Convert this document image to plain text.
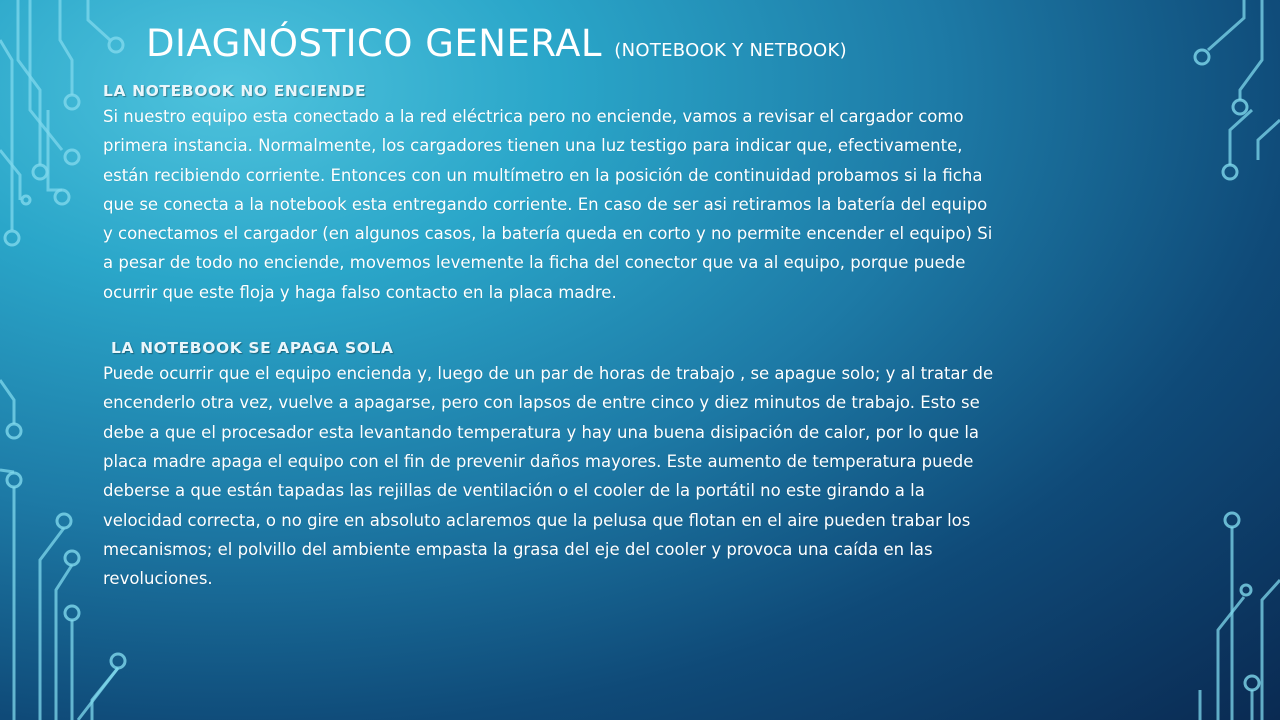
DIAGNÓSTICO GENERAL (NOTEBOOK Y NETBOOK)
LA NOTEBOOK NO ENCIENDE

Si nuestro equipo esta conectado a la red eléctrica pero no enciende, vamos a revisar el cargador como primera instancia. Normalmente, los cargadores tienen una luz testigo para indicar que, efectivamente, están recibiendo corriente. Entonces con un multímetro en la posición de continuidad probamos si la ficha que se conecta a la notebook esta entregando corriente. En caso de ser asi retiramos la batería del equipo y conectamos el cargador (en algunos casos, la batería queda en corto y no permite encender el equipo) Si a pesar de todo no enciende, movemos levemente la ficha del conector que va al equipo, porque puede ocurrir que este floja y haga falso contacto en la placa madre.

LA NOTEBOOK SE APAGA SOLA

Puede ocurrir que el equipo encienda y, luego de un par de horas de trabajo , se apague solo; y al tratar de encenderlo otra vez, vuelve a apagarse, pero con lapsos de entre cinco y diez minutos de trabajo. Esto se debe a que el procesador esta levantando temperatura y hay una buena disipación de calor, por lo que la placa madre apaga el equipo con el fin de prevenir daños mayores. Este aumento de temperatura puede deberse a que están tapadas las rejillas de ventilación o el cooler de la portátil no este girando a la velocidad correcta, o no gire en absoluto aclaremos que la pelusa que flotan en el aire pueden trabar los mecanismos; el polvillo del ambiente empasta la grasa del eje del cooler y provoca una caída en las revoluciones.
